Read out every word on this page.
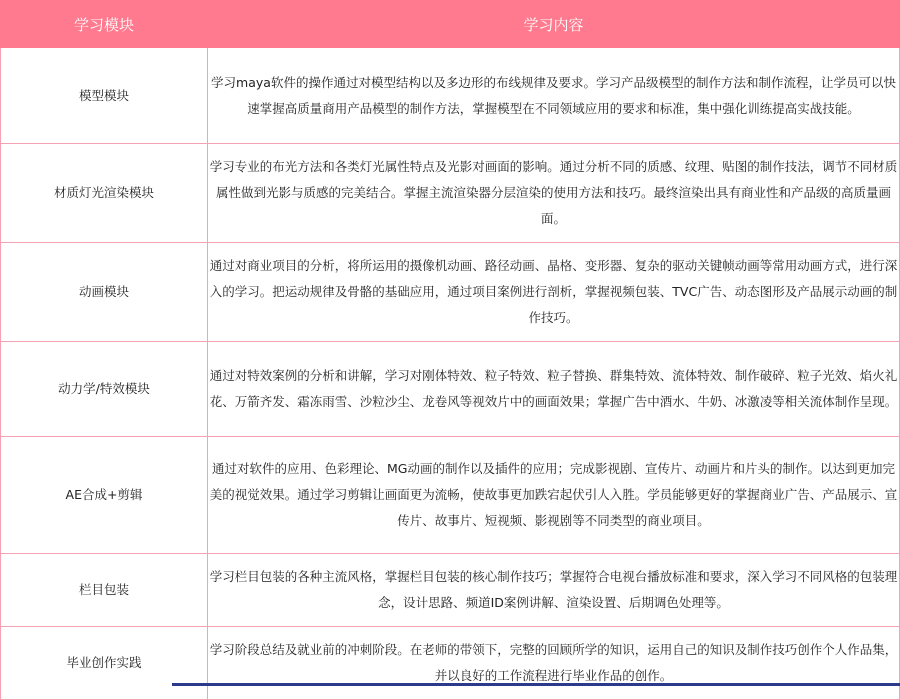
学习模块	学习内容
模型模块	学习maya软件的操作通过对模型结构以及多边形的布线规律及要求。学习产品级模型的制作方法和制作流程，让学员可以快速掌握高质量商用产品模型的制作方法，掌握模型在不同领域应用的要求和标准，集中强化训练提高实战技能。

材质灯光渲染模块	学习专业的布光方法和各类灯光属性特点及光影对画面的影响。通过分析不同的质感、纹理、贴图的制作技法，调节不同材质属性做到光影与质感的完美结合。掌握主流渲染器分层渲染的使用方法和技巧。最终渲染出具有商业性和产品级的高质量画面。

动画模块	通过对商业项目的分析，将所运用的摄像机动画、路径动画、晶格、变形器、复杂的驱动关键帧动画等常用动画方式，进行深入的学习。把运动规律及骨骼的基础应用，通过项目案例进行剖析，掌握视频包装、TVC广告、动态图形及产品展示动画的制作技巧。

动力学/特效模块	通过对特效案例的分析和讲解，学习对刚体特效、粒子特效、粒子替换、群集特效、流体特效、制作破碎、粒子光效、焰火礼花、万箭齐发、霜冻雨雪、沙粒沙尘、龙卷风等视效片中的画面效果；掌握广告中酒水、牛奶、冰激凌等相关流体制作呈现。

AE合成+剪辑	通过对软件的应用、色彩理论、MG动画的制作以及插件的应用；完成影视剧、宣传片、动画片和片头的制作。以达到更加完美的视觉效果。通过学习剪辑让画面更为流畅，使故事更加跌宕起伏引人入胜。学员能够更好的掌握商业广告、产品展示、宣传片、故事片、短视频、影视剧等不同类型的商业项目。

栏目包装	学习栏目包装的各种主流风格，掌握栏目包装的核心制作技巧；掌握符合电视台播放标准和要求，深入学习不同风格的包装理念，设计思路、频道ID案例讲解、渲染设置、后期调色处理等。

毕业创作实践	学习阶段总结及就业前的冲刺阶段。在老师的带领下，完整的回顾所学的知识，运用自己的知识及制作技巧创作个人作品集，并以良好的工作流程进行毕业作品的创作。
